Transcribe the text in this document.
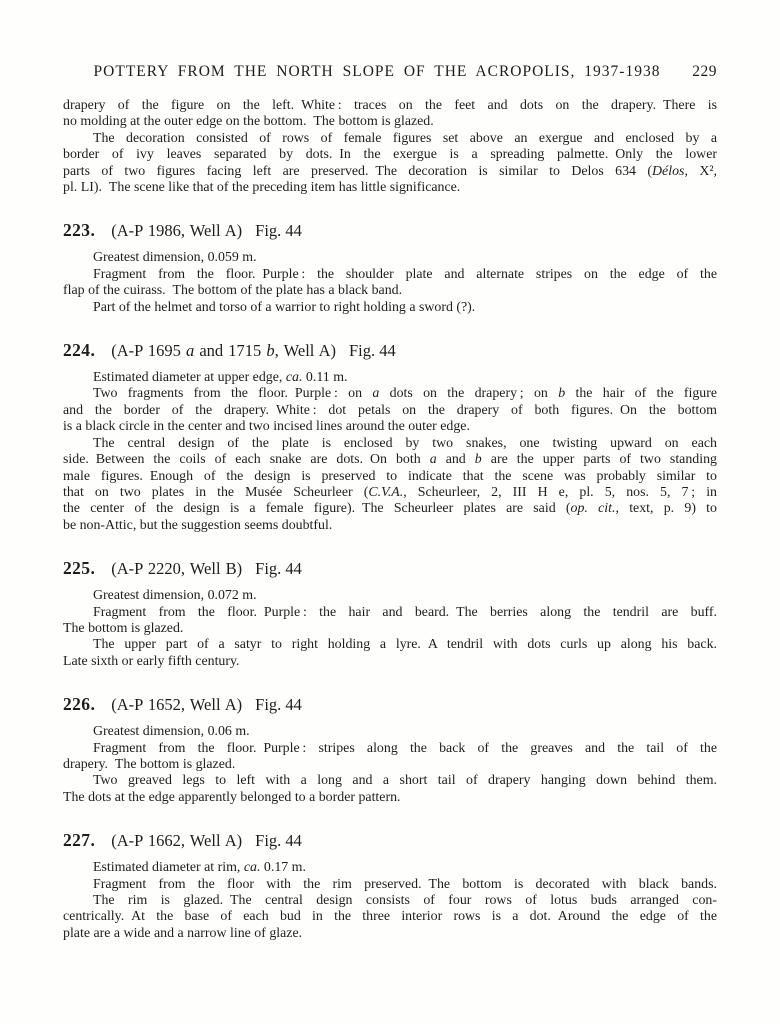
POTTERY FROM THE NORTH SLOPE OF THE ACROPOLIS, 1937-1938	229
drapery of the figure on the left. White : traces on the feet and dots on the drapery. There is
no molding at the outer edge on the bottom. The bottom is glazed.
The decoration consisted of rows of female figures set above an exergue and enclosed by a
border of ivy leaves separated by dots. In the exergue is a spreading palmette. Only the lower
parts of two figures facing left are preserved. The decoration is similar to Delos 634 (Délos, X²,
pl. LI). The scene like that of the preceding item has little significance.
223. (A-P 1986, Well A) Fig. 44
Greatest dimension, 0.059 m.
Fragment from the floor. Purple : the shoulder plate and alternate stripes on the edge of the
flap of the cuirass. The bottom of the plate has a black band.
Part of the helmet and torso of a warrior to right holding a sword (?).
224. (A-P 1695 a and 1715 b, Well A) Fig. 44
Estimated diameter at upper edge, ca. 0.11 m.
Two fragments from the floor. Purple : on a dots on the drapery ; on b the hair of the figure
and the border of the drapery. White : dot petals on the drapery of both figures. On the bottom
is a black circle in the center and two incised lines around the outer edge.
The central design of the plate is enclosed by two snakes, one twisting upward on each
side. Between the coils of each snake are dots. On both a and b are the upper parts of two standing
male figures. Enough of the design is preserved to indicate that the scene was probably similar to
that on two plates in the Musée Scheurleer (C.V.A., Scheurleer, 2, III H e, pl. 5, nos. 5, 7 ; in
the center of the design is a female figure). The Scheurleer plates are said (op. cit., text, p. 9) to
be non-Attic, but the suggestion seems doubtful.
225. (A-P 2220, Well B) Fig. 44
Greatest dimension, 0.072 m.
Fragment from the floor. Purple : the hair and beard. The berries along the tendril are buff.
The bottom is glazed.
The upper part of a satyr to right holding a lyre. A tendril with dots curls up along his back.
Late sixth or early fifth century.
226. (A-P 1652, Well A) Fig. 44
Greatest dimension, 0.06 m.
Fragment from the floor. Purple : stripes along the back of the greaves and the tail of the
drapery. The bottom is glazed.
Two greaved legs to left with a long and a short tail of drapery hanging down behind them.
The dots at the edge apparently belonged to a border pattern.
227. (A-P 1662, Well A) Fig. 44
Estimated diameter at rim, ca. 0.17 m.
Fragment from the floor with the rim preserved. The bottom is decorated with black bands.
The rim is glazed. The central design consists of four rows of lotus buds arranged con-
centrically. At the base of each bud in the three interior rows is a dot. Around the edge of the
plate are a wide and a narrow line of glaze.
